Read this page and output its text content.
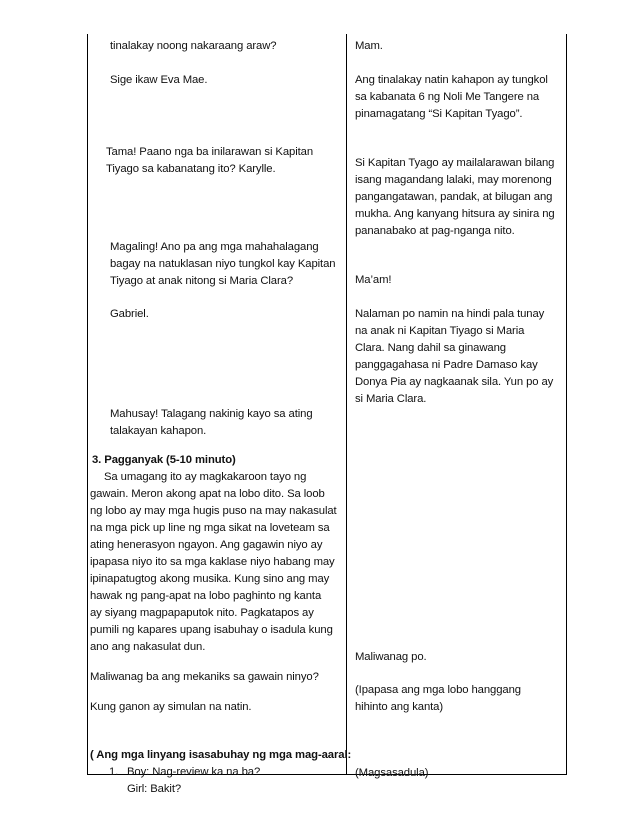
tinalakay noong nakaraang araw?
Sige ikaw Eva Mae.
Tama! Paano nga ba inilarawan si Kapitan
Tiyago sa kabanatang ito? Karylle.
Magaling! Ano pa ang mga mahahalagang
bagay na natuklasan niyo tungkol kay Kapitan
Tiyago at anak nitong si Maria Clara?
Gabriel.
Mahusay! Talagang nakinig kayo sa ating
talakayan kahapon.
3. Pagganyak (5-10 minuto)
Sa umagang ito ay magkakaroon tayo ng
gawain. Meron akong apat na lobo dito. Sa loob
ng lobo ay may mga hugis puso na may nakasulat
na mga pick up line ng mga sikat na loveteam sa
ating henerasyon ngayon. Ang gagawin niyo ay
ipapasa niyo ito sa mga kaklase niyo habang may
ipinapatugtog akong musika. Kung sino ang may
hawak ng pang-apat na lobo paghinto ng kanta
ay siyang magpapaputok nito. Pagkatapos ay
pumili ng kapares upang isabuhay o isadula kung
ano ang nakasulat dun.
Maliwanag ba ang mekaniks sa gawain ninyo?
Kung ganon ay simulan na natin.
( Ang mga linyang isasabuhay ng mga mag-aaral:
1. Boy: Nag-review ka na ba?
Girl: Bakit?
Mam.
Ang tinalakay natin kahapon ay tungkol
sa kabanata 6 ng Noli Me Tangere na
pinamagatang “Si Kapitan Tyago”.
Si Kapitan Tyago ay mailalarawan bilang
isang magandang lalaki, may morenong
pangangatawan, pandak, at bilugan ang
mukha. Ang kanyang hitsura ay sinira ng
pananabako at pag-nganga nito.
Ma’am!
Nalaman po namin na hindi pala tunay
na anak ni Kapitan Tiyago si Maria
Clara. Nang dahil sa ginawang
panggagahasa ni Padre Damaso kay
Donya Pia ay nagkaanak sila. Yun po ay
si Maria Clara.
Maliwanag po.
(Ipapasa ang mga lobo hanggang
hihinto ang kanta)
(Magsasadula)
